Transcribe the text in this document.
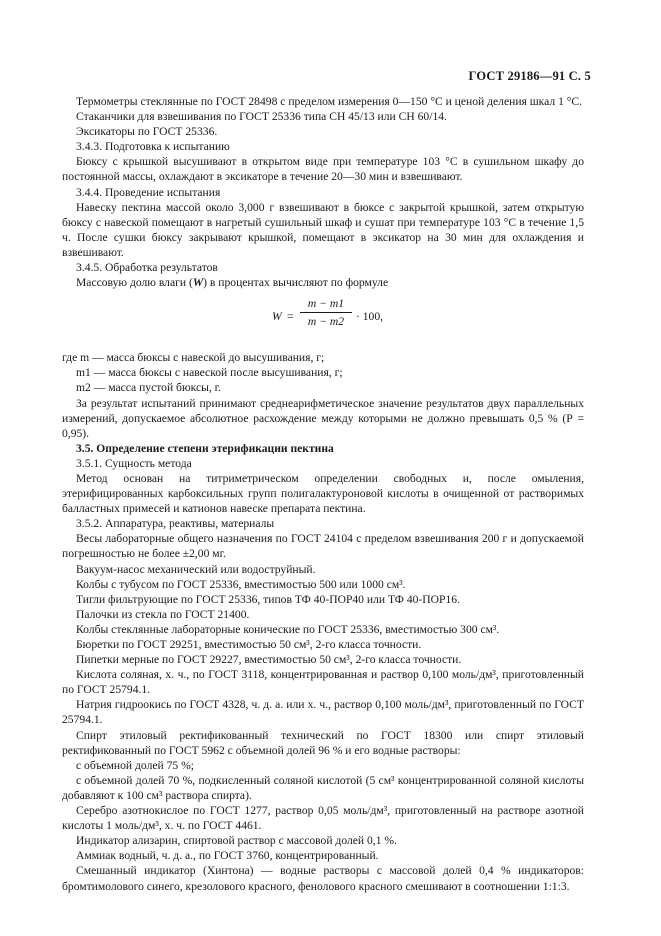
ГОСТ 29186—91 С. 5

Термометры стеклянные по ГОСТ 28498 с пределом измерения 0—150 °С и ценой деления шкал 1 °С.

Стаканчики для взвешивания по ГОСТ 25336 типа СН 45/13 или СН 60/14.

Эксикаторы по ГОСТ 25336.

3.4.3. Подготовка к испытанию

Бюксу с крышкой высушивают в открытом виде при температуре 103 °С в сушильном шкафу до постоянной массы, охлаждают в эксикаторе в течение 20—30 мин и взвешивают.

3.4.4. Проведение испытания

Навеску пектина массой около 3,000 г взвешивают в бюксе с закрытой крышкой, затем открытую бюксу с навеской помещают в нагретый сушильный шкаф и сушат при температуре 103 °С в течение 1,5 ч. После сушки бюксу закрывают крышкой, помещают в эксикатор на 30 мин для охлаждения и взвешивают.

3.4.5. Обработка результатов

Массовую долю влаги (W) в процентах вычисляют по формуле

$W = \frac{m - m1}{m - m2} \cdot 100$,

где m — масса бюксы с навеской до высушивания, г;

m1 — масса бюксы с навеской после высушивания, г;

m2 — масса пустой бюксы, г.

За результат испытаний принимают среднеарифметическое значение результатов двух параллельных измерений, допускаемое абсолютное расхождение между которыми не должно превышать 0,5 % (Р = 0,95).

3.5. Определение степени этерификации пектина

3.5.1. Сущность метода

Метод основан на титриметрическом определении свободных и, после омыления, этерифицированных карбоксильных групп полигалактуроновой кислоты в очищенной от растворимых балластных примесей и катионов навеске препарата пектина.

3.5.2. Аппаратура, реактивы, материалы

Весы лабораторные общего назначения по ГОСТ 24104 с пределом взвешивания 200 г и допускаемой погрешностью не более ±2,00 мг.

Вакуум-насос механический или водоструйный.

Колбы с тубусом по ГОСТ 25336, вместимостью 500 или 1000 см³.

Тигли фильтрующие по ГОСТ 25336, типов ТФ 40-ПОР40 или ТФ 40-ПОР16.

Палочки из стекла по ГОСТ 21400.

Колбы стеклянные лабораторные конические по ГОСТ 25336, вместимостью 300 см³.

Бюретки по ГОСТ 29251, вместимостью 50 см³, 2-го класса точности.

Пипетки мерные по ГОСТ 29227, вместимостью 50 см³, 2-го класса точности.

Кислота соляная, х. ч., по ГОСТ 3118, концентрированная и раствор 0,100 моль/дм³, приготовленный по ГОСТ 25794.1.

Натрия гидроокись по ГОСТ 4328, ч. д. а. или х. ч., раствор 0,100 моль/дм³, приготовленный по ГОСТ 25794.1.

Спирт этиловый ректификованный технический по ГОСТ 18300 или спирт этиловый ректификованный по ГОСТ 5962 с объемной долей 96 % и его водные растворы:

с объемной долей 75 %;

с объемной долей 70 %, подкисленный соляной кислотой (5 см³ концентрированной соляной кислоты добавляют к 100 см³ раствора спирта).

Серебро азотнокислое по ГОСТ 1277, раствор 0,05 моль/дм³, приготовленный на растворе азотной кислоты 1 моль/дм³, х. ч. по ГОСТ 4461.

Индикатор ализарин, спиртовой раствор с массовой долей 0,1 %.

Аммиак водный, ч. д. а., по ГОСТ 3760, концентрированный.

Смешанный индикатор (Хинтона) — водные растворы с массовой долей 0,4 % индикаторов: бромтимолового синего, крезолового красного, фенолового красного смешивают в соотношении 1:1:3.
